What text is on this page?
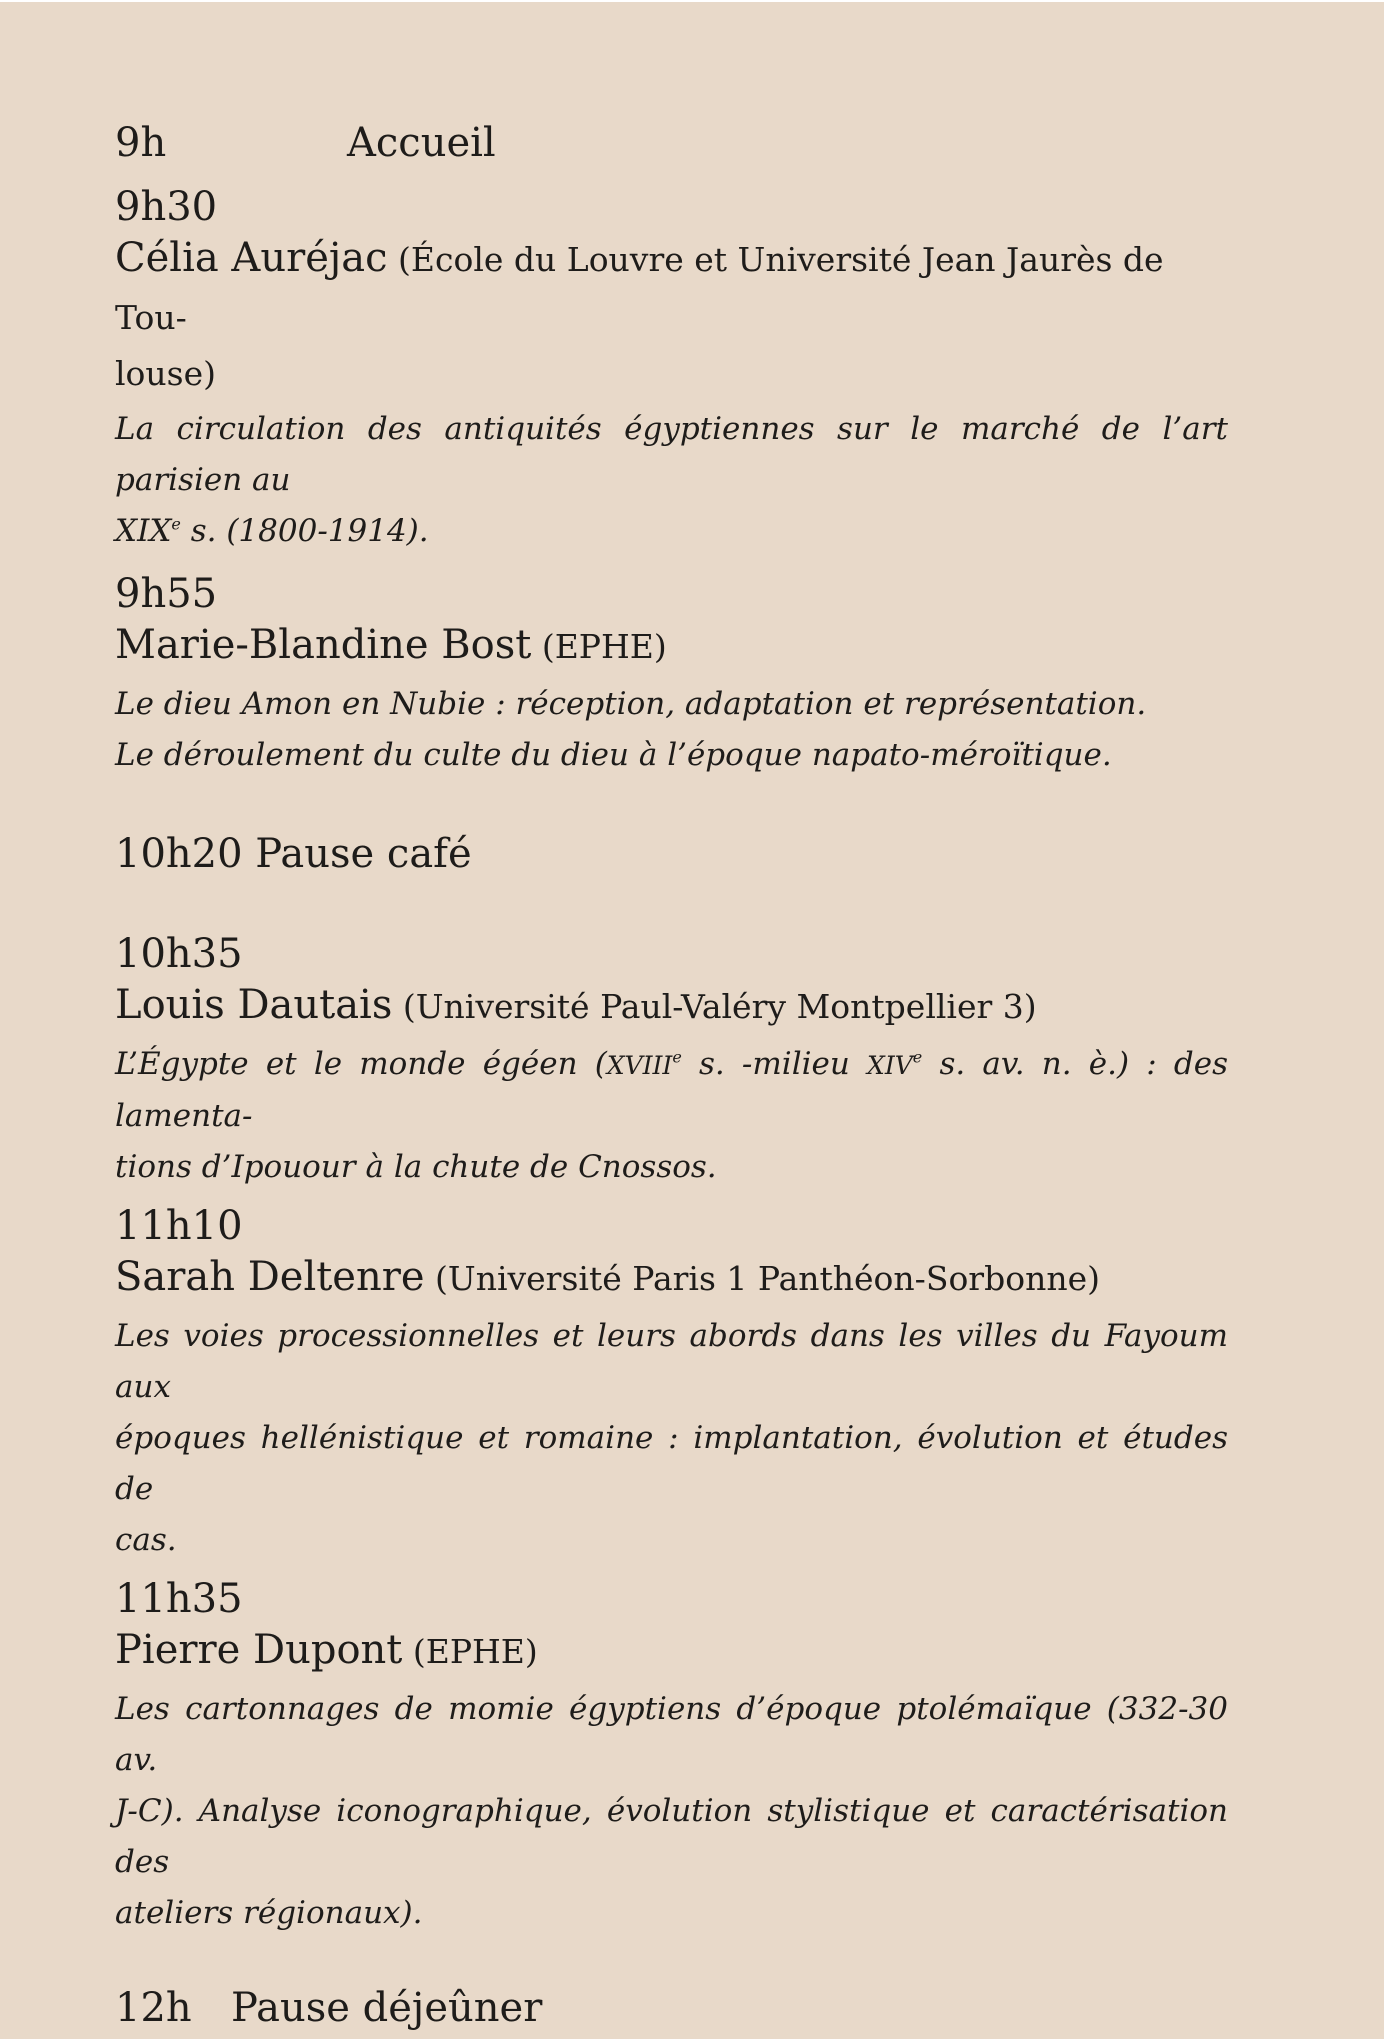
9h	Accueil
9h30
Célia Auréjac (École du Louvre et Université Jean Jaurès de Tou-
louse)
La circulation des antiquités égyptiennes sur le marché de l’art parisien au
XIXe s. (1800-1914).
9h55
Marie-Blandine Bost (EPHE)
Le dieu Amon en Nubie : réception, adaptation et représentation.
Le déroulement du culte du dieu à l’époque napato-méroïtique.
10h20 Pause café
10h35
Louis Dautais (Université Paul-Valéry Montpellier 3)
L’Égypte et le monde égéen (XVIIIe s. -milieu XIVe s. av. n. è.) : des lamenta-
tions d’Ipouour à la chute de Cnossos.
11h10
Sarah Deltenre (Université Paris 1 Panthéon-Sorbonne)
Les voies processionnelles et leurs abords dans les villes du Fayoum aux
époques hellénistique et romaine : implantation, évolution et études de
cas.
11h35
Pierre Dupont (EPHE)
Les cartonnages de momie égyptiens d’époque ptolémaïque (332-30 av.
J-C). Analyse iconographique, évolution stylistique et caractérisation des
ateliers régionaux).
12h Pause déjeûner
